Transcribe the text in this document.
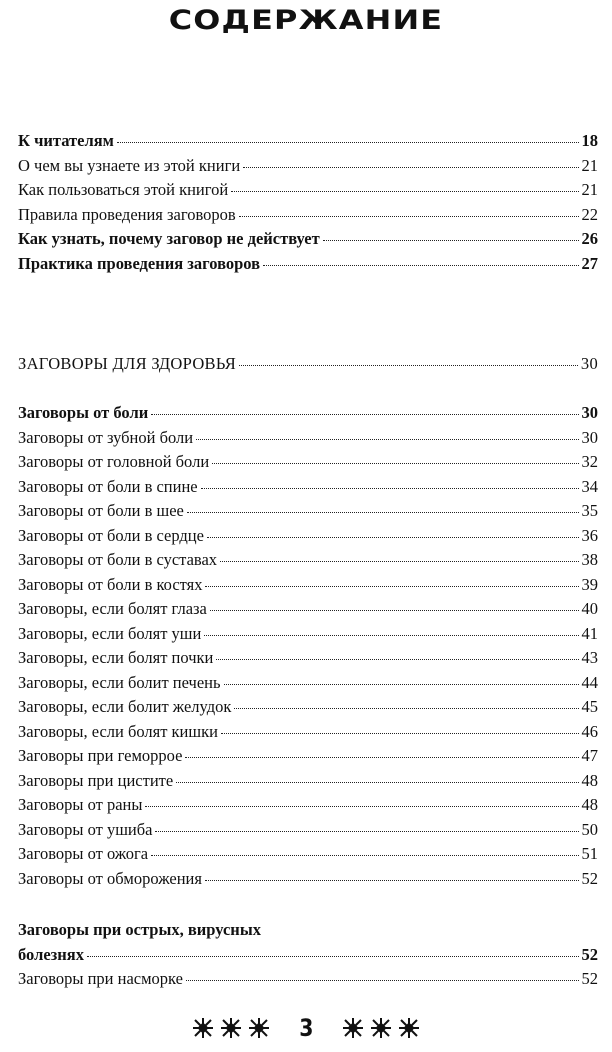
СОДЕРЖАНИЕ
К читателям	18
О чем вы узнаете из этой книги	21
Как пользоваться этой книгой	21
Правила проведения заговоров	22
Как узнать, почему заговор не действует	26
Практика проведения заговоров	27
ЗАГОВОРЫ ДЛЯ ЗДОРОВЬЯ	30
Заговоры от боли	30
Заговоры от зубной боли	30
Заговоры от головной боли	32
Заговоры от боли в спине	34
Заговоры от боли в шее	35
Заговоры от боли в сердце	36
Заговоры от боли в суставах	38
Заговоры от боли в костях	39
Заговоры, если болят глаза	40
Заговоры, если болят уши	41
Заговоры, если болят почки	43
Заговоры, если болит печень	44
Заговоры, если болит желудок	45
Заговоры, если болят кишки	46
Заговоры при геморрое	47
Заговоры при цистите	48
Заговоры от раны	48
Заговоры от ушиба	50
Заговоры от ожога	51
Заговоры от обморожения	52
Заговоры при острых, вирусных
болезнях	52
Заговоры при насморке	52
3
